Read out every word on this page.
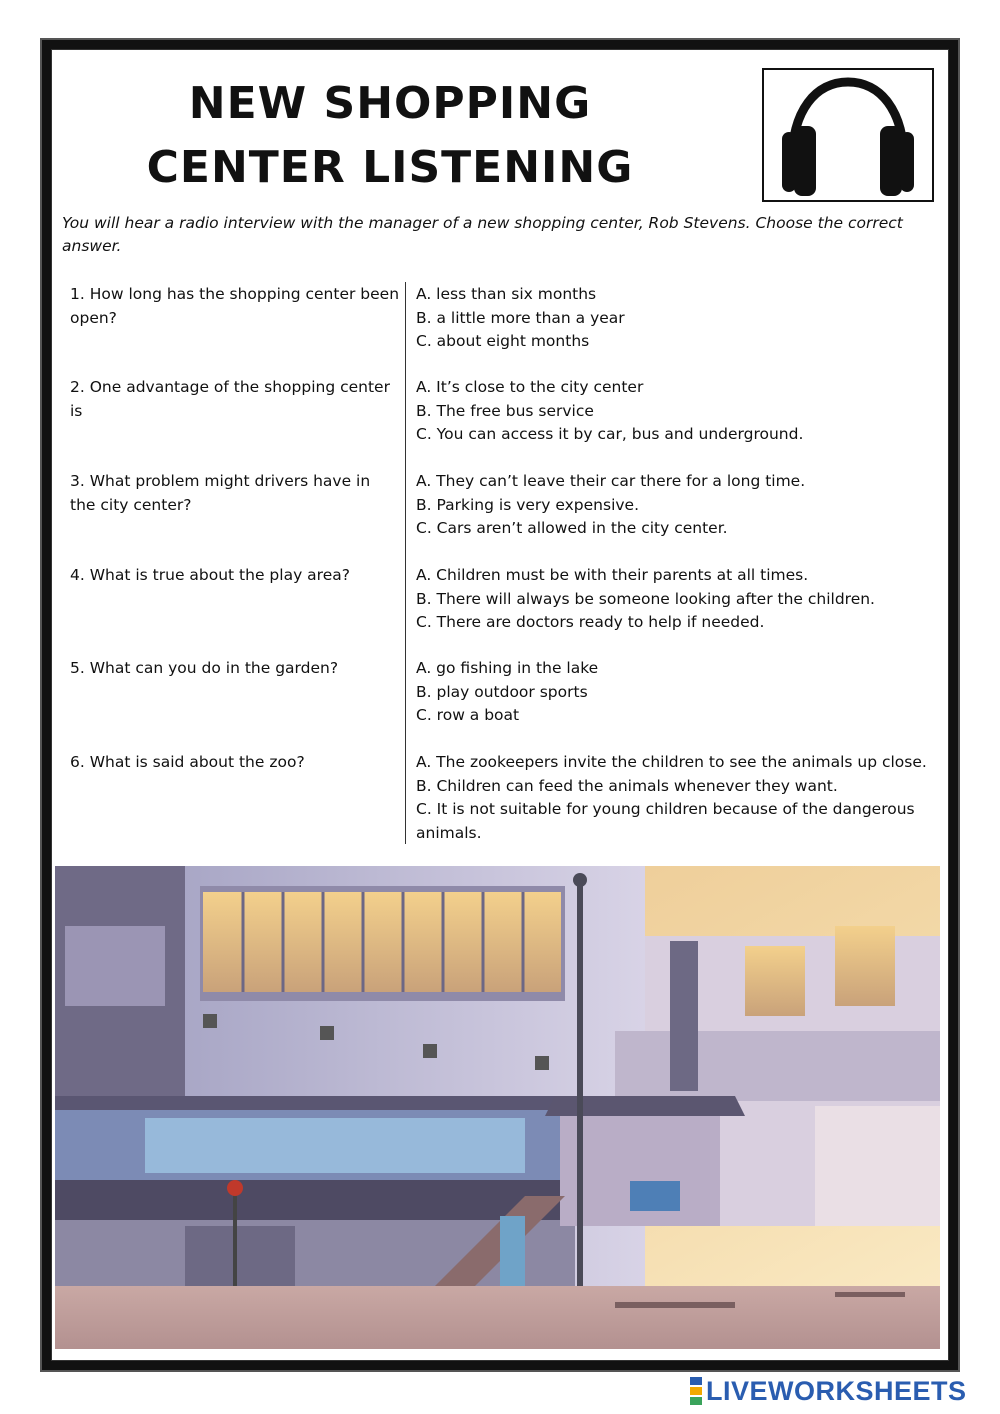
NEW SHOPPING
CENTER LISTENING
You will hear a radio interview with the manager of a new shopping center, Rob Stevens. Choose the correct answer.
1. How long has the shopping center been open?
A. less than six months
B. a little more than a year
C. about eight months
2. One advantage of the shopping center is
A. It’s close to the city center
B. The free bus service
C. You can access it by car, bus and underground.
3. What problem might drivers have in the city center?
A. They can’t leave their car there for a long time.
B. Parking is very expensive.
C. Cars aren’t allowed in the city center.
4. What is true about the play area?	A. Children must be with their parents at all times.
B. There will always be someone looking after the children.
C. There are doctors ready to help if needed.
5. What can you do in the garden?	A. go fishing in the lake
B. play outdoor sports
C. row a boat
6. What is said about the zoo?	A. The zookeepers invite the children to see the animals up close.
B. Children can feed the animals whenever they want.
C. It is not suitable for young children because of the dangerous animals.
LIVEWORKSHEETS
